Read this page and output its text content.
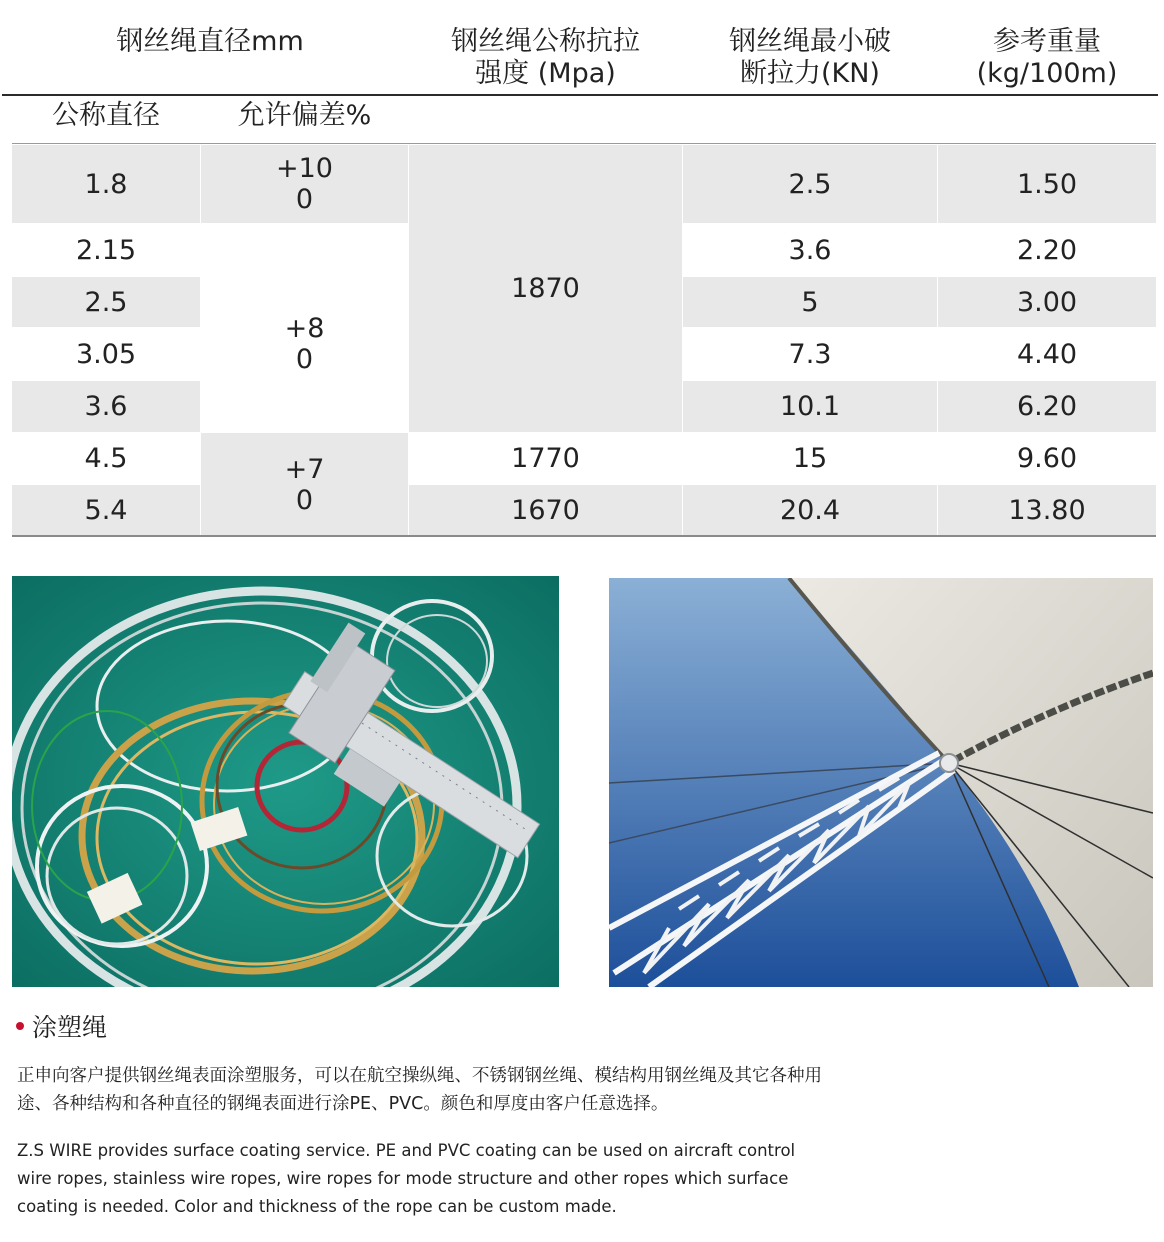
钢丝绳直径mm	钢丝绳公称抗拉
强度 (Mpa)
钢丝绳最小破
断拉力(KN)
参考重量
(kg/100m)
公称直径	允许偏差%
1.8
2.15
2.5
3.05
3.6
4.5
5.4
+10
0
+8
0
+7
0
1870
1770
1670
2.5
3.6
5
7.3
10.1
15
20.4
1.50
2.20
3.00
4.40
6.20
9.60
13.80
涂塑绳

正申向客户提供钢丝绳表面涂塑服务，可以在航空操纵绳、不锈钢钢丝绳、模结构用钢丝绳及其它各种用
途、各种结构和各种直径的钢绳表面进行涂PE、PVC。颜色和厚度由客户任意选择。

Z.S WIRE provides surface coating service. PE and PVC coating can be used on aircraft control
wire ropes, stainless wire ropes, wire ropes for mode structure and other ropes which surface
coating is needed. Color and thickness of the rope can be custom made.
